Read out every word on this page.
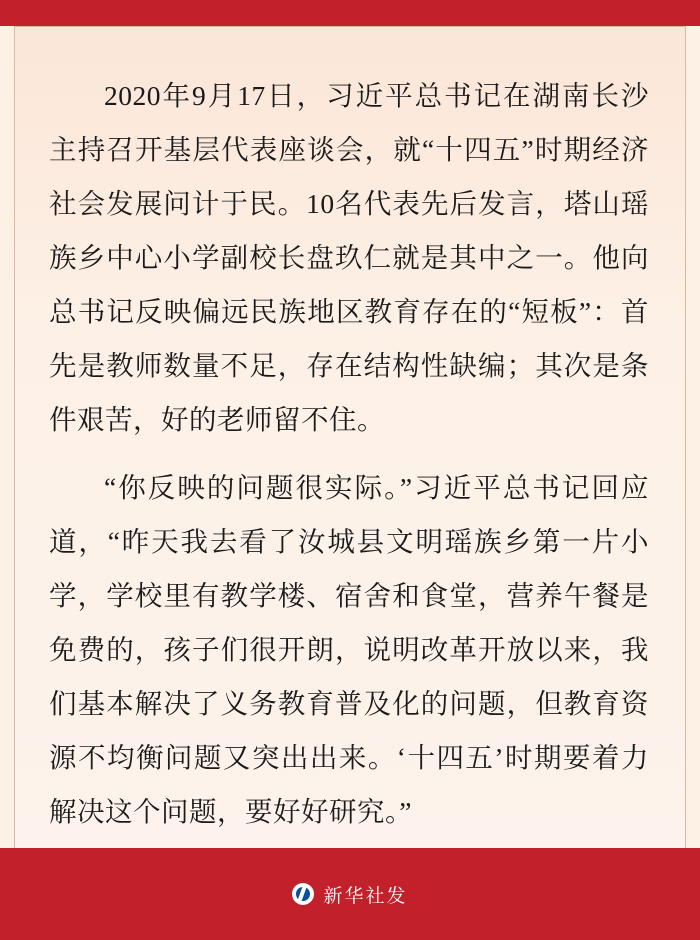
2020年9月17日，习近平总书记在湖南长沙主持召开基层代表座谈会，就“十四五”时期经济社会发展问计于民。10名代表先后发言，塔山瑶族乡中心小学副校长盘玖仁就是其中之一。他向总书记反映偏远民族地区教育存在的“短板”：首先是教师数量不足，存在结构性缺编；其次是条件艰苦，好的老师留不住。

“你反映的问题很实际。”习近平总书记回应道，“昨天我去看了汝城县文明瑶族乡第一片小学，学校里有教学楼、宿舍和食堂，营养午餐是免费的，孩子们很开朗，说明改革开放以来，我们基本解决了义务教育普及化的问题，但教育资源不均衡问题又突出出来。‘十四五’时期要着力解决这个问题，要好好研究。”

新华社发
